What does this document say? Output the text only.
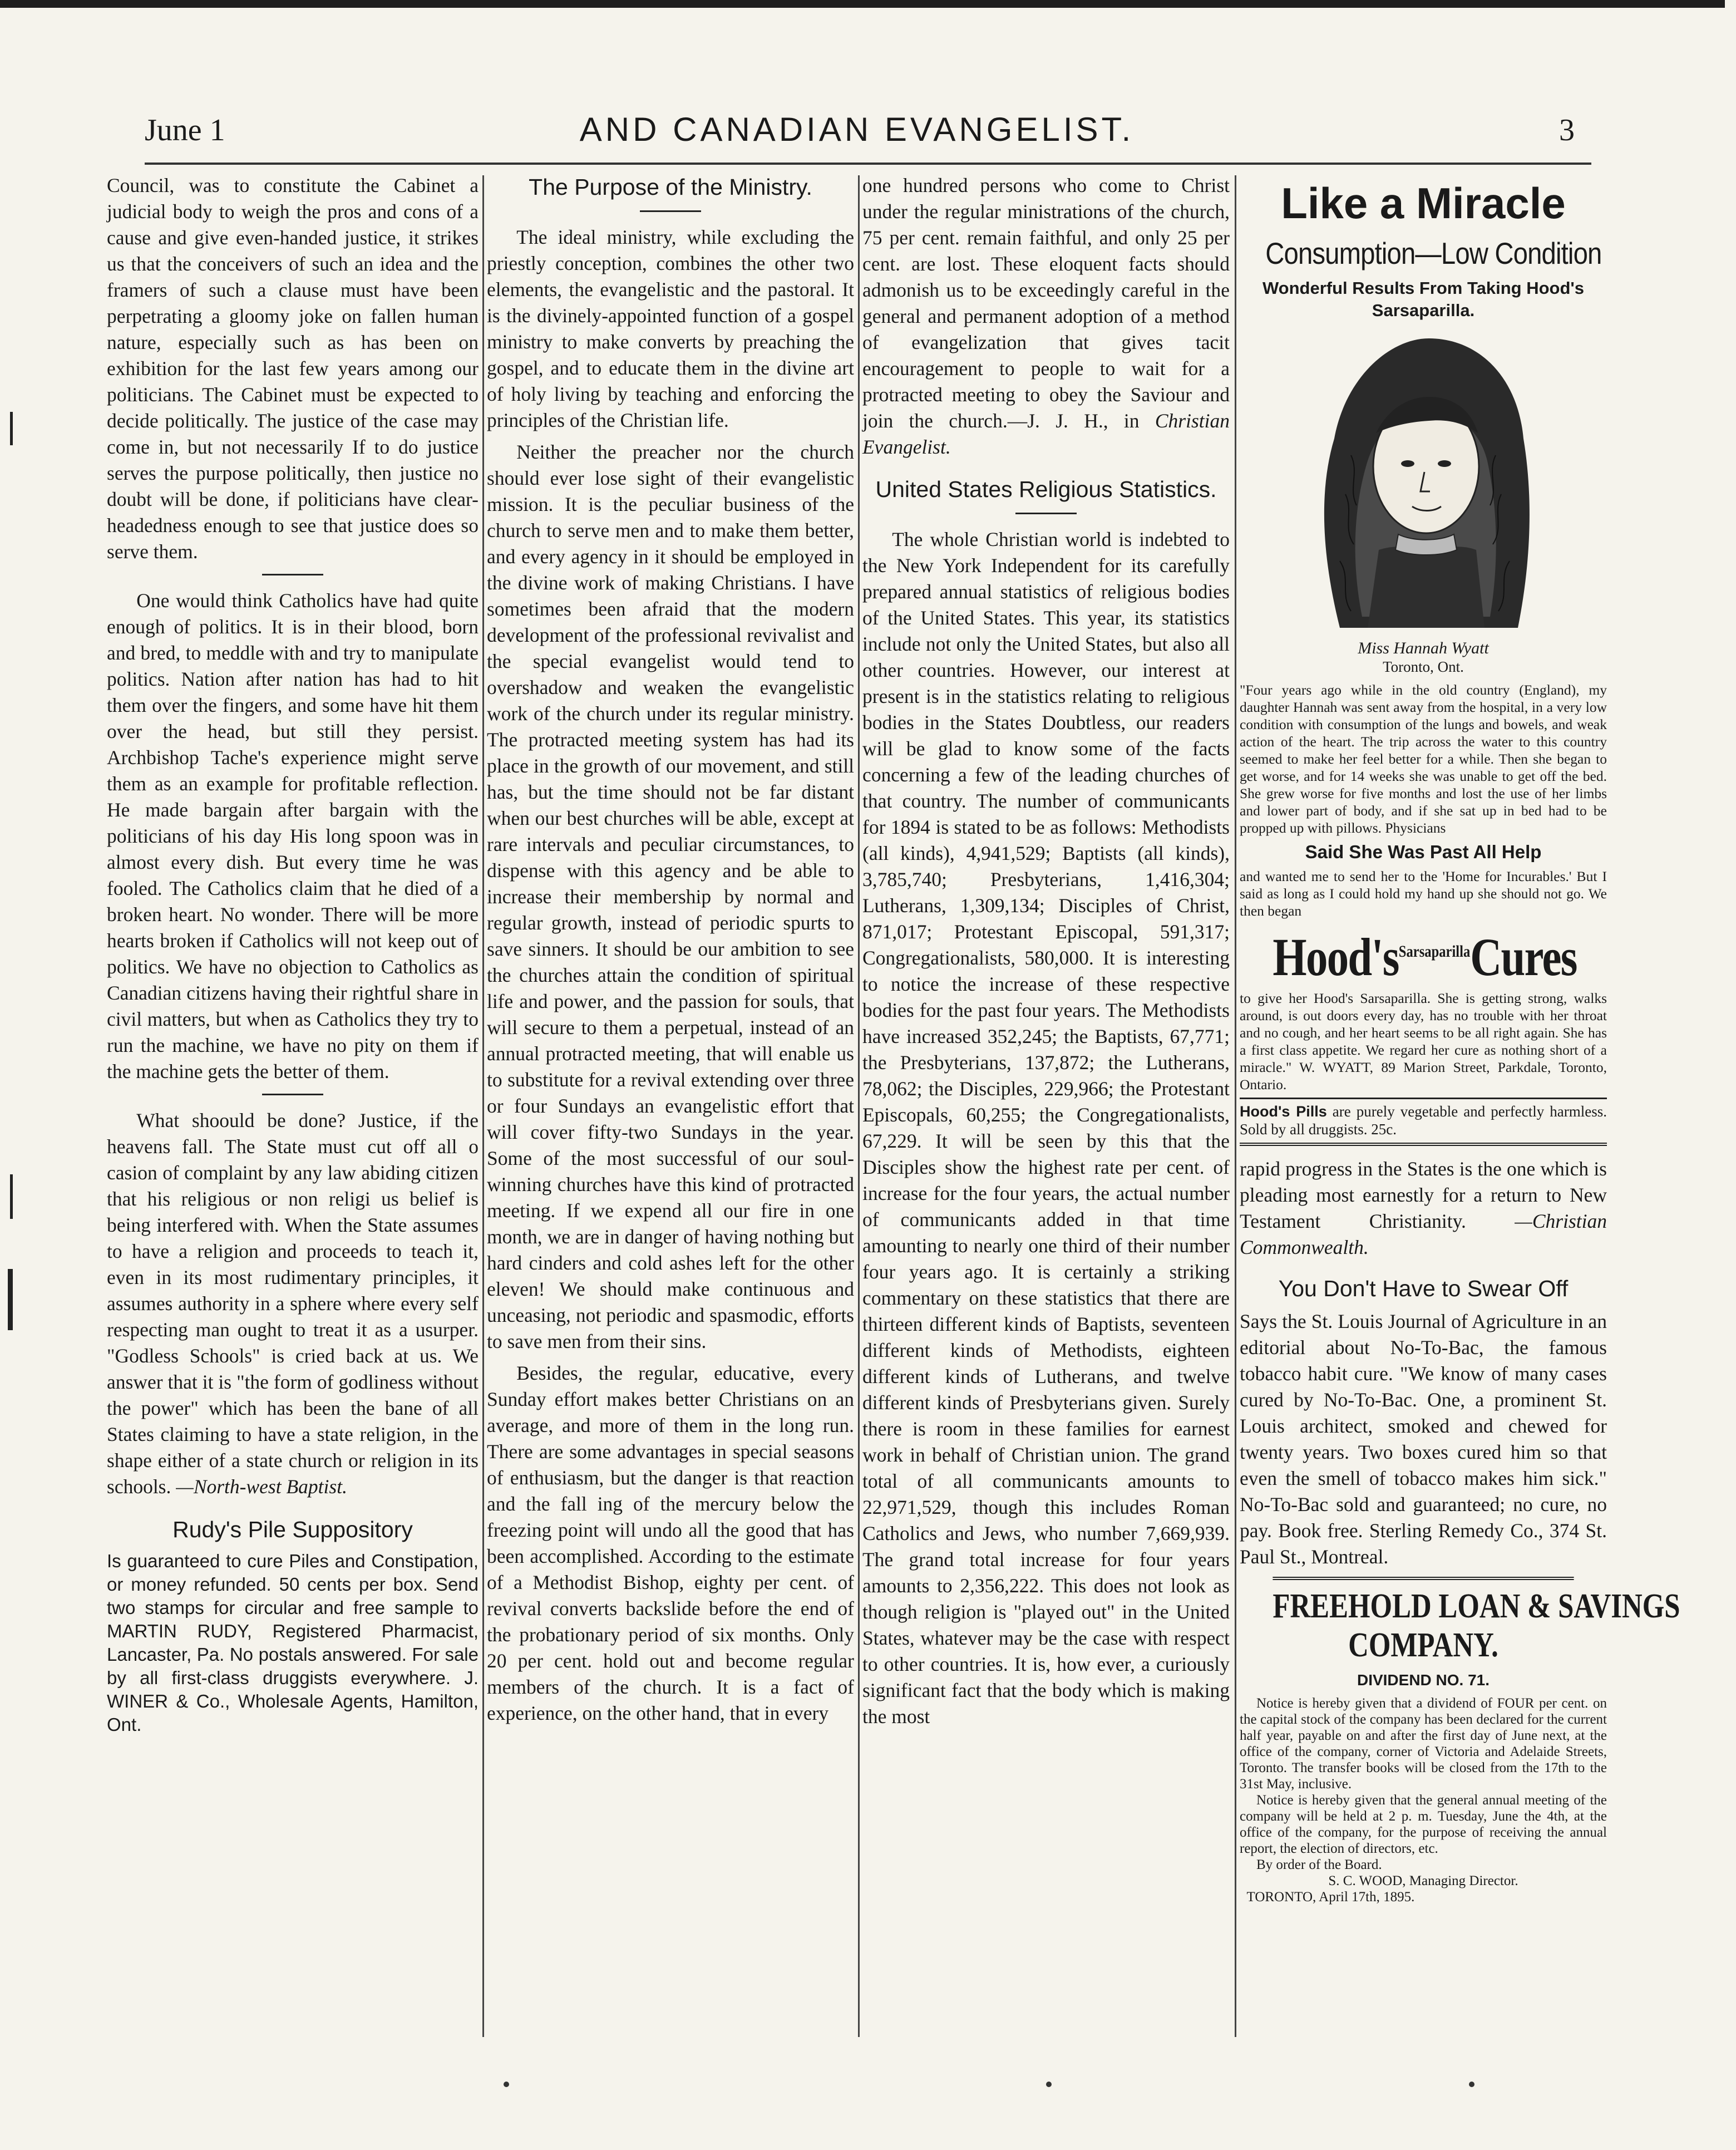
June 1	AND CANADIAN EVANGELIST.	3

Council, was to constitute the Cabinet a judicial body to weigh the pros and cons of a cause and give even-handed justice, it strikes us that the conceivers of such an idea and the framers of such a clause must have been perpetrating a gloomy joke on fallen human nature, especially such as has been on exhibition for the last few years among our politicians. The Cabinet must be expected to decide politically. The justice of the case may come in, but not necessarily If to do justice serves the purpose politically, then justice no doubt will be done, if politicians have clear-headedness enough to see that justice does so serve them.

One would think Catholics have had quite enough of politics. It is in their blood, born and bred, to meddle with and try to manipulate politics. Nation after nation has had to hit them over the fingers, and some have hit them over the head, but still they persist. Archbishop Tache's experience might serve them as an example for profitable reflection. He made bargain after bargain with the politicians of his day His long spoon was in almost every dish. But every time he was fooled. The Catholics claim that he died of a broken heart. No wonder. There will be more hearts broken if Catholics will not keep out of politics. We have no objection to Catholics as Canadian citizens having their rightful share in civil matters, but when as Catholics they try to run the machine, we have no pity on them if the machine gets the better of them.

What shoould be done? Justice, if the heavens fall. The State must cut off all o casion of complaint by any law abiding citizen that his religious or non religi us belief is being interfered with. When the State assumes to have a religion and proceeds to teach it, even in its most rudimentary principles, it assumes authority in a sphere where every self respecting man ought to treat it as a usurper. "Godless Schools" is cried back at us. We answer that it is "the form of godliness without the power" which has been the bane of all States claiming to have a state religion, in the shape either of a state church or religion in its schools. —North-west Baptist.

Rudy's Pile Suppository

Is guaranteed to cure Piles and Constipation, or money refunded. 50 cents per box. Send two stamps for circular and free sample to MARTIN RUDY, Registered Pharmacist, Lancaster, Pa. No postals answered. For sale by all first-class druggists everywhere. J. WINER & Co., Wholesale Agents, Hamilton, Ont.

The Purpose of the Ministry.

The ideal ministry, while excluding the priestly conception, combines the other two elements, the evangelistic and the pastoral. It is the divinely-appointed function of a gospel ministry to make converts by preaching the gospel, and to educate them in the divine art of holy living by teaching and enforcing the principles of the Christian life.

Neither the preacher nor the church should ever lose sight of their evangelistic mission. It is the peculiar business of the church to serve men and to make them better, and every agency in it should be employed in the divine work of making Christians. I have sometimes been afraid that the modern development of the professional revivalist and the special evangelist would tend to overshadow and weaken the evangelistic work of the church under its regular ministry. The protracted meeting system has had its place in the growth of our movement, and still has, but the time should not be far distant when our best churches will be able, except at rare intervals and peculiar circumstances, to dispense with this agency and be able to increase their membership by normal and regular growth, instead of periodic spurts to save sinners. It should be our ambition to see the churches attain the condition of spiritual life and power, and the passion for souls, that will secure to them a perpetual, instead of an annual protracted meeting, that will enable us to substitute for a revival extending over three or four Sundays an evangelistic effort that will cover fifty-two Sundays in the year. Some of the most successful of our soul-winning churches have this kind of protracted meeting. If we expend all our fire in one month, we are in danger of having nothing but hard cinders and cold ashes left for the other eleven! We should make continuous and unceasing, not periodic and spasmodic, efforts to save men from their sins.

Besides, the regular, educative, every Sunday effort makes better Christians on an average, and more of them in the long run. There are some advantages in special seasons of enthusiasm, but the danger is that reaction and the fall ing of the mercury below the freezing point will undo all the good that has been accomplished. According to the estimate of a Methodist Bishop, eighty per cent. of revival converts backslide before the end of the probationary period of six months. Only 20 per cent. hold out and become regular members of the church. It is a fact of experience, on the other hand, that in every

one hundred persons who come to Christ under the regular ministrations of the church, 75 per cent. remain faithful, and only 25 per cent. are lost. These eloquent facts should admonish us to be exceedingly careful in the general and permanent adoption of a method of evangelization that gives tacit encouragement to people to wait for a protracted meeting to obey the Saviour and join the church.—J. J. H., in Christian Evangelist.

United States Religious Statistics.

The whole Christian world is indebted to the New York Independent for its carefully prepared annual statistics of religious bodies of the United States. This year, its statistics include not only the United States, but also all other countries. However, our interest at present is in the statistics relating to religious bodies in the States Doubtless, our readers will be glad to know some of the facts concerning a few of the leading churches of that country. The number of communicants for 1894 is stated to be as follows: Methodists (all kinds), 4,941,529; Baptists (all kinds), 3,785,740; Presbyterians, 1,416,304; Lutherans, 1,309,134; Disciples of Christ, 871,017; Protestant Episcopal, 591,317; Congregationalists, 580,000. It is interesting to notice the increase of these respective bodies for the past four years. The Methodists have increased 352,245; the Baptists, 67,771; the Presbyterians, 137,872; the Lutherans, 78,062; the Disciples, 229,966; the Protestant Episcopals, 60,255; the Congregationalists, 67,229. It will be seen by this that the Disciples show the highest rate per cent. of increase for the four years, the actual number of communicants added in that time amounting to nearly one third of their number four years ago. It is certainly a striking commentary on these statistics that there are thirteen different kinds of Baptists, seventeen different kinds of Methodists, eighteen different kinds of Lutherans, and twelve different kinds of Presbyterians given. Surely there is room in these families for earnest work in behalf of Christian union. The grand total of all communicants amounts to 22,971,529, though this includes Roman Catholics and Jews, who number 7,669,939. The grand total increase for four years amounts to 2,356,222. This does not look as though religion is "played out" in the United States, whatever may be the case with respect to other countries. It is, how ever, a curiously significant fact that the body which is making the most

Like a Miracle
Consumption—Low Condition
Wonderful Results From Taking Hood's Sarsaparilla.
Miss Hannah Wyatt
Toronto, Ont.
"Four years ago while in the old country (England), my daughter Hannah was sent away from the hospital, in a very low condition with consumption of the lungs and bowels, and weak action of the heart. The trip across the water to this country seemed to make her feel better for a while. Then she began to get worse, and for 14 weeks she was unable to get off the bed. She grew worse for five months and lost the use of her limbs and lower part of body, and if she sat up in bed had to be propped up with pillows. Physicians
Said She Was Past All Help
and wanted me to send her to the 'Home for Incurables.' But I said as long as I could hold my hand up she should not go. We then began
$Hood's^{Sarsaparilla}Cures$
to give her Hood's Sarsaparilla. She is getting strong, walks around, is out doors every day, has no trouble with her throat and no cough, and her heart seems to be all right again. She has a first class appetite. We regard her cure as nothing short of a miracle." W. WYATT, 89 Marion Street, Parkdale, Toronto, Ontario.
Hood's Pills are purely vegetable and perfectly harmless. Sold by all druggists. 25c.

rapid progress in the States is the one which is pleading most earnestly for a return to New Testament Christianity. —Christian Commonwealth.

You Don't Have to Swear Off

Says the St. Louis Journal of Agriculture in an editorial about No-To-Bac, the famous tobacco habit cure. "We know of many cases cured by No-To-Bac. One, a prominent St. Louis architect, smoked and chewed for twenty years. Two boxes cured him so that even the smell of tobacco makes him sick." No-To-Bac sold and guaranteed; no cure, no pay. Book free. Sterling Remedy Co., 374 St. Paul St., Montreal.

FREEHOLD LOAN & SAVINGS
COMPANY.
DIVIDEND NO. 71.
Notice is hereby given that a dividend of FOUR per cent. on the capital stock of the company has been declared for the current half year, payable on and after the first day of June next, at the office of the company, corner of Victoria and Adelaide Streets, Toronto. The transfer books will be closed from the 17th to the 31st May, inclusive.
Notice is hereby given that the general annual meeting of the company will be held at 2 p. m. Tuesday, June the 4th, at the office of the company, for the purpose of receiving the annual report, the election of directors, etc.
By order of the Board.
S. C. WOOD, Managing Director.
TORONTO, April 17th, 1895.
